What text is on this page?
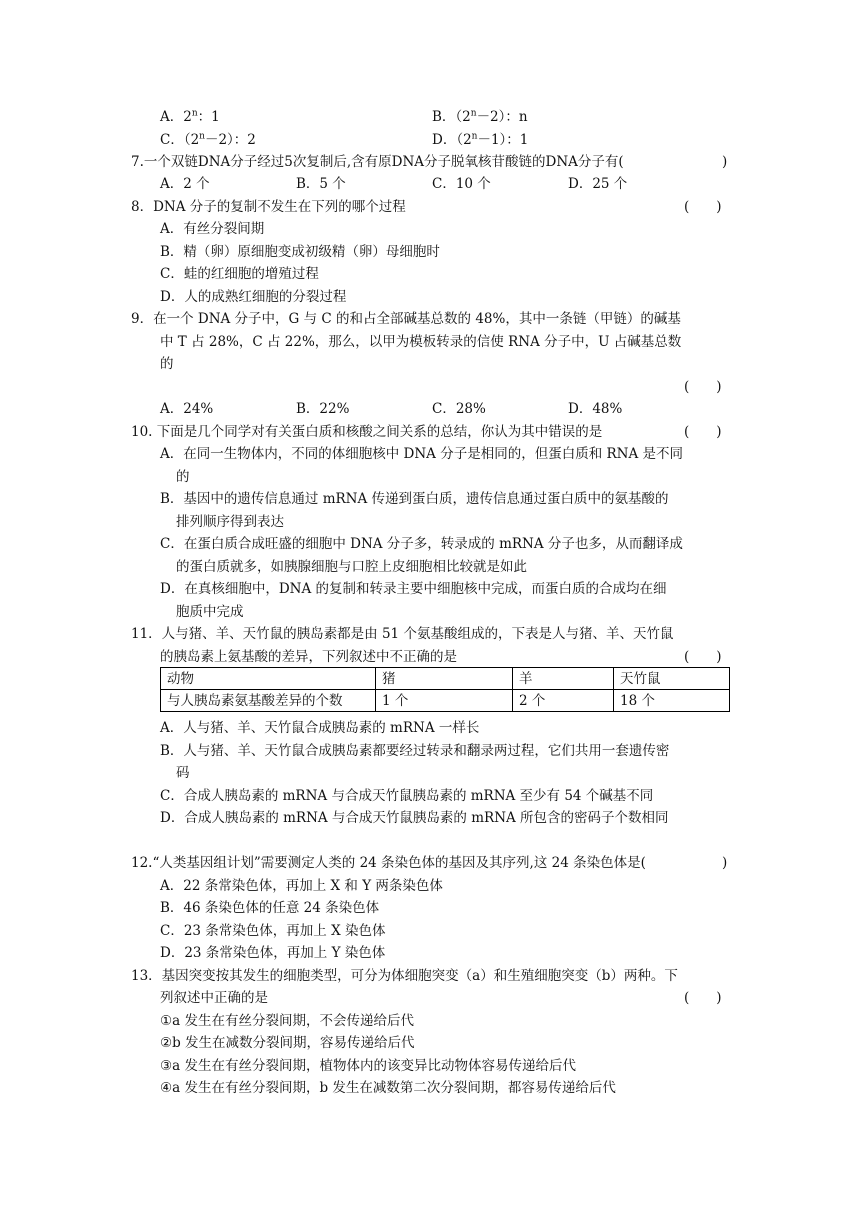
A．2$^n$：1	B．$(2^n-2)$：n
C．$(2^n-2)$：2	D．$(2^n-1)$：1
7.一个双链DNA分子经过5次复制后,含有原DNA分子脱氧核苷酸链的DNA分子有(	)
A．2 个	B．5 个	C．10 个	D．25 个
8．DNA 分子的复制不发生在下列的哪个过程	(　　)
A．有丝分裂间期
B．精（卵）原细胞变成初级精（卵）母细胞时
C．蛙的红细胞的增殖过程
D．人的成熟红细胞的分裂过程
9．在一个 DNA 分子中，G 与 C 的和占全部碱基总数的 48%，其中一条链（甲链）的碱基
中 T 占 28%，C 占 22%，那么，以甲为模板转录的信使 RNA 分子中，U 占碱基总数
的
(　　)
A．24%	B．22%	C．28%	D．48%
10. 下面是几个同学对有关蛋白质和核酸之间关系的总结，你认为其中错误的是	(　　)
A．在同一生物体内，不同的体细胞核中 DNA 分子是相同的，但蛋白质和 RNA 是不同
的
B．基因中的遗传信息通过 mRNA 传递到蛋白质，遗传信息通过蛋白质中的氨基酸的
排列顺序得到表达
C．在蛋白质合成旺盛的细胞中 DNA 分子多，转录成的 mRNA 分子也多，从而翻译成
的蛋白质就多，如胰腺细胞与口腔上皮细胞相比较就是如此
D．在真核细胞中，DNA 的复制和转录主要中细胞核中完成，而蛋白质的合成均在细
胞质中完成
11．人与猪、羊、天竹鼠的胰岛素都是由 51 个氨基酸组成的，下表是人与猪、羊、天竹鼠
的胰岛素上氨基酸的差异，下列叙述中不正确的是	(　　)
动物	猪	羊	天竹鼠
与人胰岛素氨基酸差异的个数	1 个	2 个	18 个
A．人与猪、羊、天竹鼠合成胰岛素的 mRNA 一样长
B．人与猪、羊、天竹鼠合成胰岛素都要经过转录和翻录两过程，它们共用一套遗传密
码
C．合成人胰岛素的 mRNA 与合成天竹鼠胰岛素的 mRNA 至少有 54 个碱基不同
D．合成人胰岛素的 mRNA 与合成天竹鼠胰岛素的 mRNA 所包含的密码子个数相同
12.“人类基因组计划”需要测定人类的 24 条染色体的基因及其序列,这 24 条染色体是(	)
A．22 条常染色体，再加上 X 和 Y 两条染色体
B．46 条染色体的任意 24 条染色体
C．23 条常染色体，再加上 X 染色体
D．23 条常染色体，再加上 Y 染色体
13．基因突变按其发生的细胞类型，可分为体细胞突变（a）和生殖细胞突变（b）两种。下
列叙述中正确的是	(　　)
①a 发生在有丝分裂间期，不会传递给后代
②b 发生在减数分裂间期，容易传递给后代
③a 发生在有丝分裂间期，植物体内的该变异比动物体容易传递给后代
④a 发生在有丝分裂间期，b 发生在减数第二次分裂间期，都容易传递给后代
